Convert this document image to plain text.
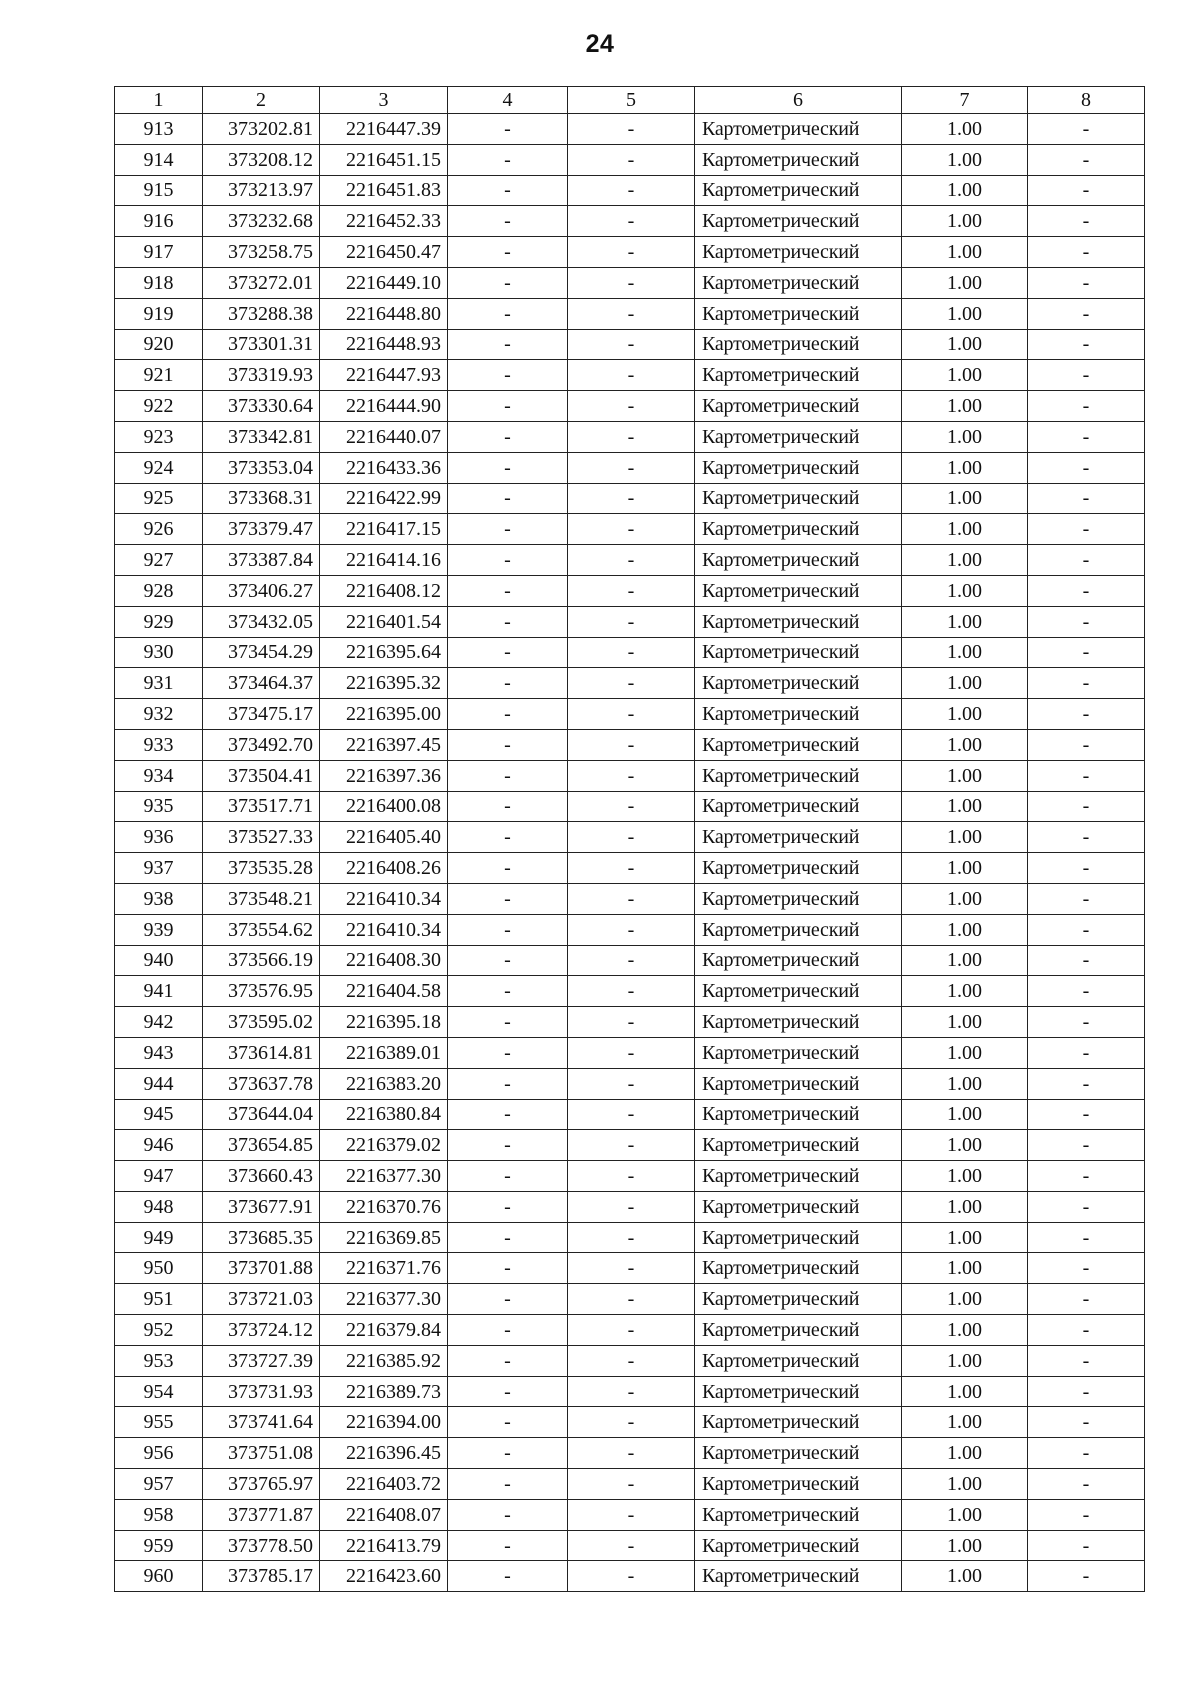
24
1	2	3	4	5	6	7	8
913	373202.81	2216447.39	-	-	Картометрический	1.00	-
914	373208.12	2216451.15	-	-	Картометрический	1.00	-
915	373213.97	2216451.83	-	-	Картометрический	1.00	-
916	373232.68	2216452.33	-	-	Картометрический	1.00	-
917	373258.75	2216450.47	-	-	Картометрический	1.00	-
918	373272.01	2216449.10	-	-	Картометрический	1.00	-
919	373288.38	2216448.80	-	-	Картометрический	1.00	-
920	373301.31	2216448.93	-	-	Картометрический	1.00	-
921	373319.93	2216447.93	-	-	Картометрический	1.00	-
922	373330.64	2216444.90	-	-	Картометрический	1.00	-
923	373342.81	2216440.07	-	-	Картометрический	1.00	-
924	373353.04	2216433.36	-	-	Картометрический	1.00	-
925	373368.31	2216422.99	-	-	Картометрический	1.00	-
926	373379.47	2216417.15	-	-	Картометрический	1.00	-
927	373387.84	2216414.16	-	-	Картометрический	1.00	-
928	373406.27	2216408.12	-	-	Картометрический	1.00	-
929	373432.05	2216401.54	-	-	Картометрический	1.00	-
930	373454.29	2216395.64	-	-	Картометрический	1.00	-
931	373464.37	2216395.32	-	-	Картометрический	1.00	-
932	373475.17	2216395.00	-	-	Картометрический	1.00	-
933	373492.70	2216397.45	-	-	Картометрический	1.00	-
934	373504.41	2216397.36	-	-	Картометрический	1.00	-
935	373517.71	2216400.08	-	-	Картометрический	1.00	-
936	373527.33	2216405.40	-	-	Картометрический	1.00	-
937	373535.28	2216408.26	-	-	Картометрический	1.00	-
938	373548.21	2216410.34	-	-	Картометрический	1.00	-
939	373554.62	2216410.34	-	-	Картометрический	1.00	-
940	373566.19	2216408.30	-	-	Картометрический	1.00	-
941	373576.95	2216404.58	-	-	Картометрический	1.00	-
942	373595.02	2216395.18	-	-	Картометрический	1.00	-
943	373614.81	2216389.01	-	-	Картометрический	1.00	-
944	373637.78	2216383.20	-	-	Картометрический	1.00	-
945	373644.04	2216380.84	-	-	Картометрический	1.00	-
946	373654.85	2216379.02	-	-	Картометрический	1.00	-
947	373660.43	2216377.30	-	-	Картометрический	1.00	-
948	373677.91	2216370.76	-	-	Картометрический	1.00	-
949	373685.35	2216369.85	-	-	Картометрический	1.00	-
950	373701.88	2216371.76	-	-	Картометрический	1.00	-
951	373721.03	2216377.30	-	-	Картометрический	1.00	-
952	373724.12	2216379.84	-	-	Картометрический	1.00	-
953	373727.39	2216385.92	-	-	Картометрический	1.00	-
954	373731.93	2216389.73	-	-	Картометрический	1.00	-
955	373741.64	2216394.00	-	-	Картометрический	1.00	-
956	373751.08	2216396.45	-	-	Картометрический	1.00	-
957	373765.97	2216403.72	-	-	Картометрический	1.00	-
958	373771.87	2216408.07	-	-	Картометрический	1.00	-
959	373778.50	2216413.79	-	-	Картометрический	1.00	-
960	373785.17	2216423.60	-	-	Картометрический	1.00	-
